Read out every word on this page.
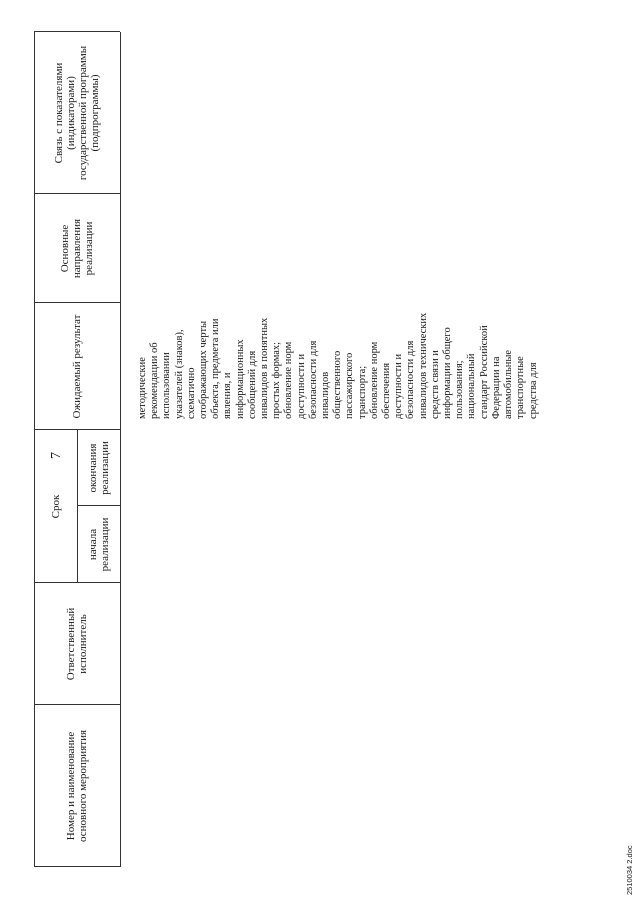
7
Номер и наименование
основного мероприятия
Ответственный
исполнитель
Срок
начала
реализации
окончания
реализации
Ожидаемый результат
Основные
направления
реализации
Связь с показателями
(индикаторами)
государственной программы
(подпрограммы)
методические рекомендации об использовании указателей (знаков), схематично отображающих черты объекта, предмета или явления, и информационных сообщений для инвалидов в понятных простых формах; обновление норм доступности и безопасности для инвалидов общественного пассажирского транспорта; обновление норм обеспечения доступности и безопасности для инвалидов технических средств связи и информации общего пользования; национальный стандарт Российской Федерации на автомобильные транспортные средства для
2510034 2.doc
